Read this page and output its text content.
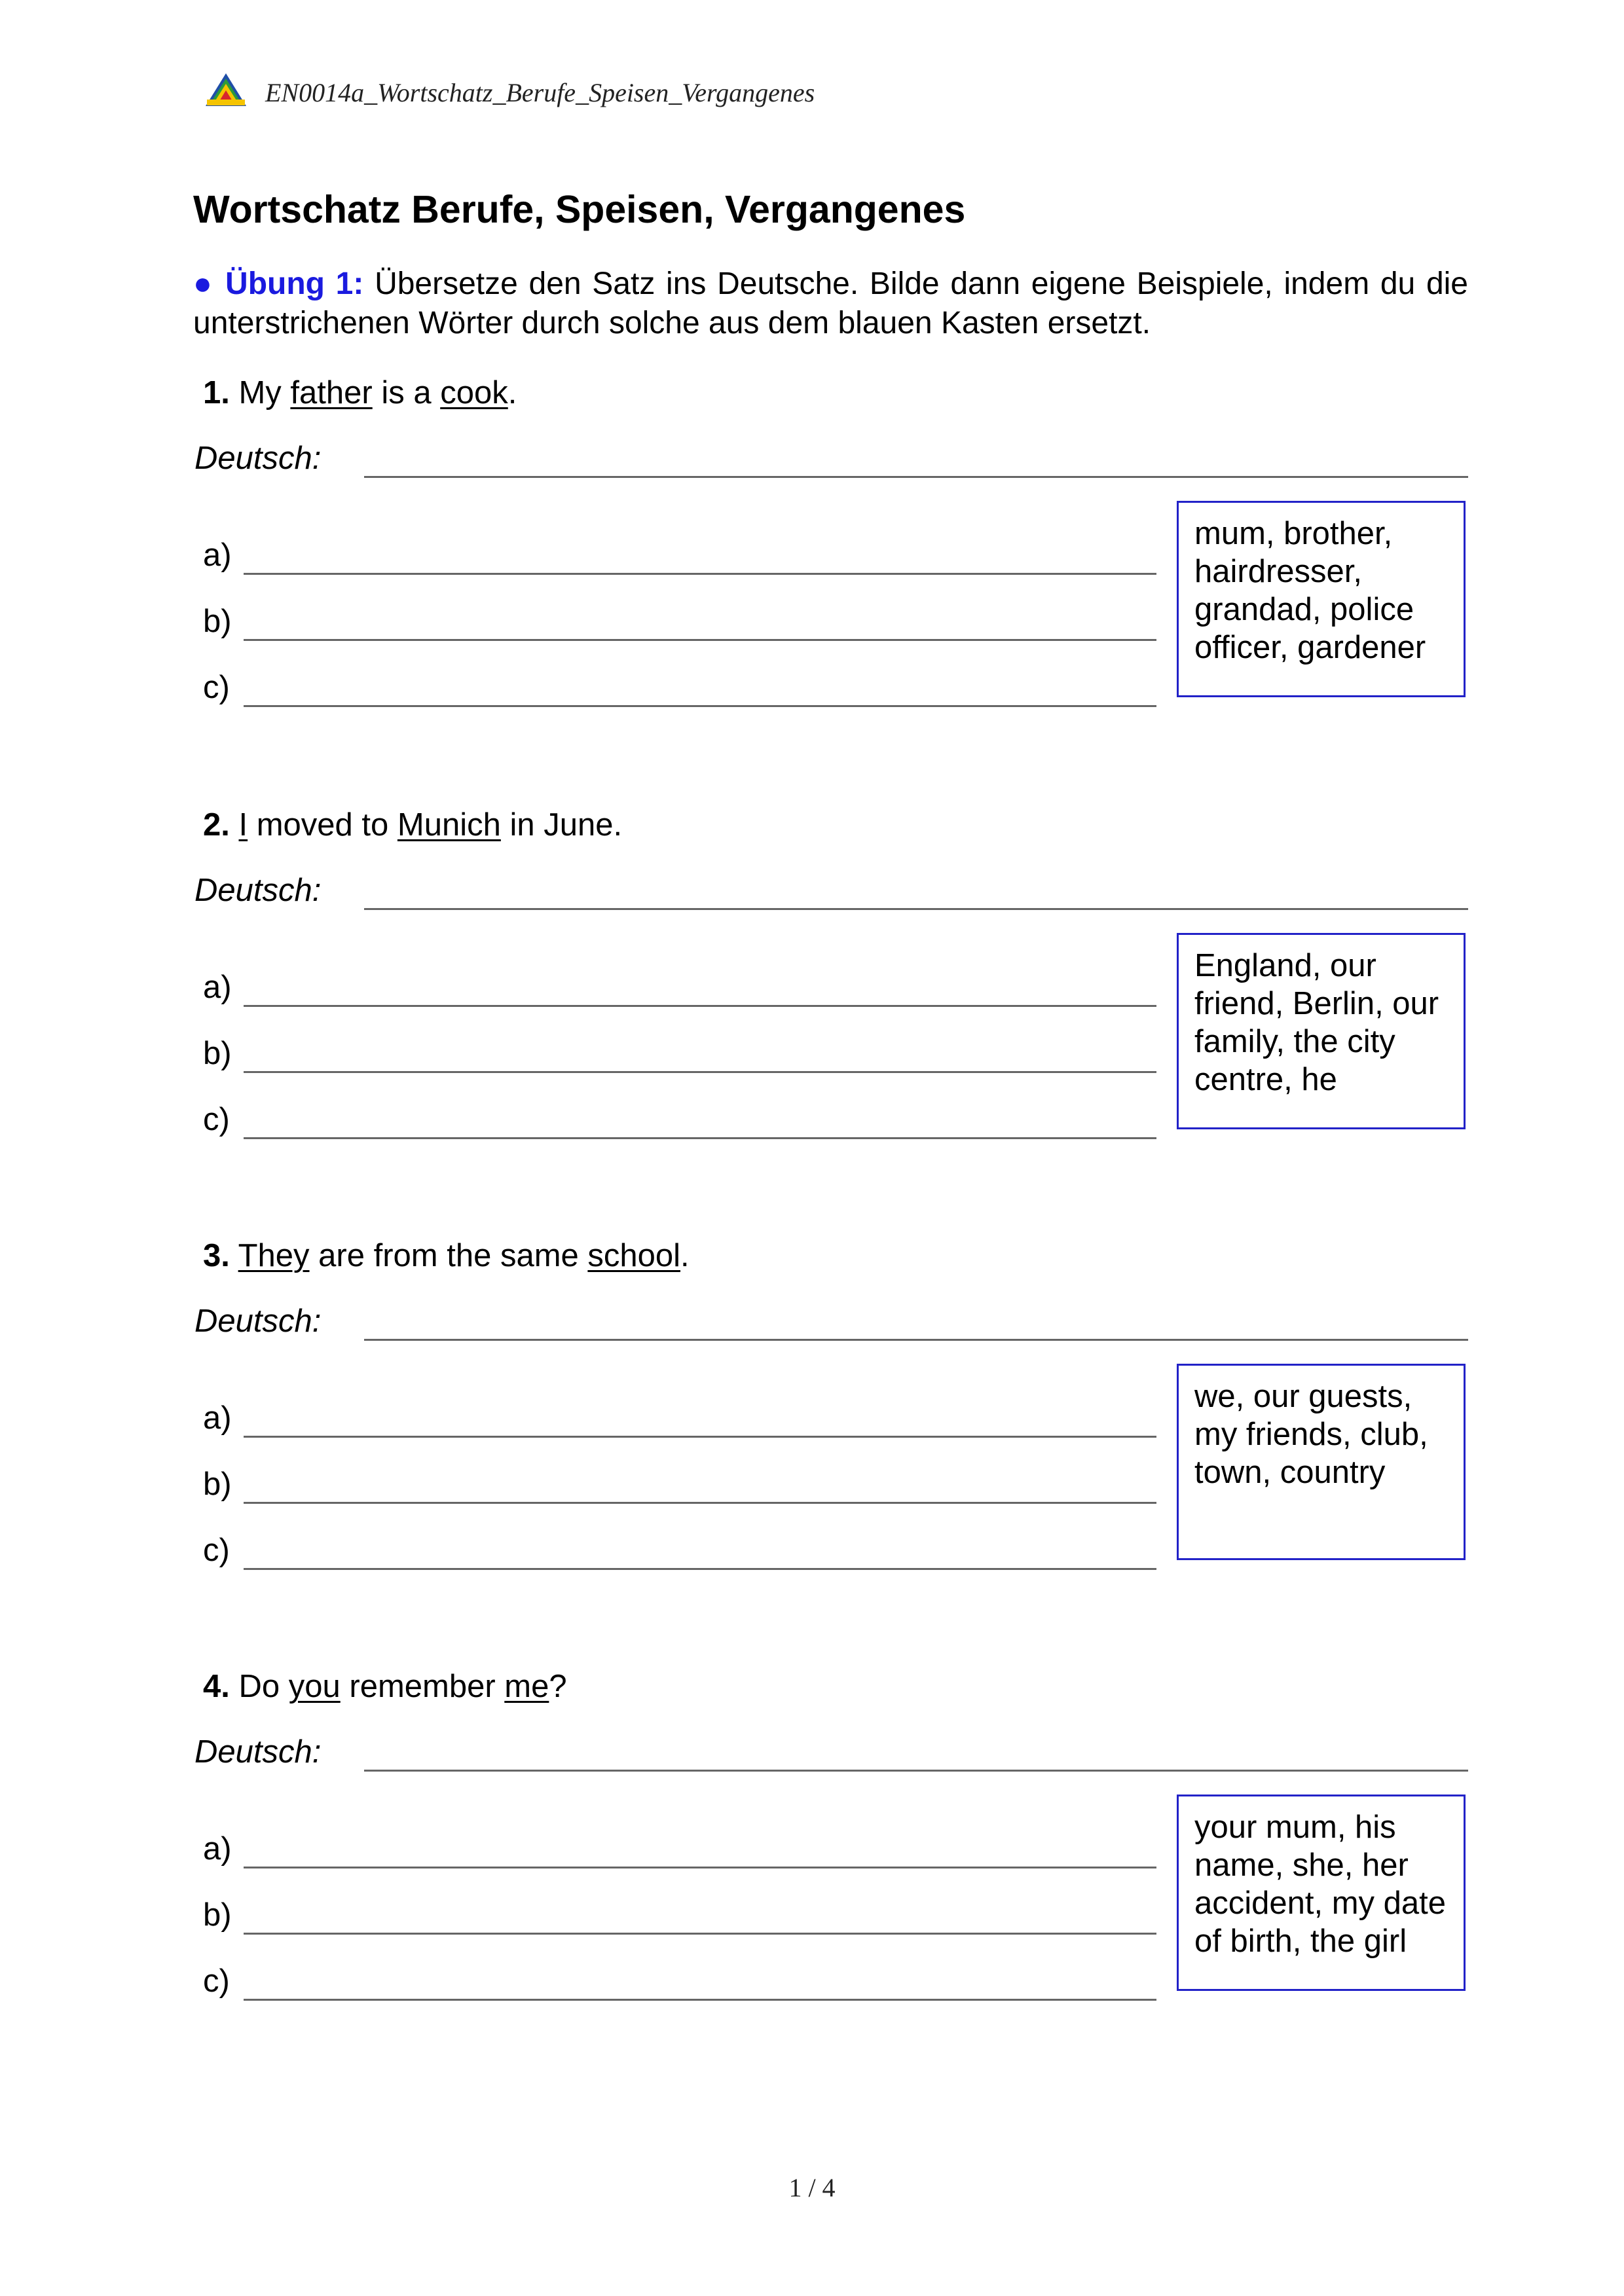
EN0014a_Wortschatz_Berufe_Speisen_Vergangenes
Wortschatz Berufe, Speisen, Vergangenes
● Übung 1: Übersetze den Satz ins Deutsche. Bilde dann eigene Beispiele, indem du die unterstrichenen Wörter durch solche aus dem blauen Kasten ersetzt.
1. My father is a cook.
Deutsch:
a)
b)
c)
mum, brother, hairdresser, grandad, police officer, gardener
2. I moved to Munich in June.
Deutsch:
a)
b)
c)
England, our friend, Berlin, our family, the city centre, he
3. They are from the same school.
Deutsch:
a)
b)
c)
we, our guests, my friends, club, town, country
4. Do you remember me?
Deutsch:
a)
b)
c)
your mum, his name, she, her accident, my date of birth, the girl
1 / 4
